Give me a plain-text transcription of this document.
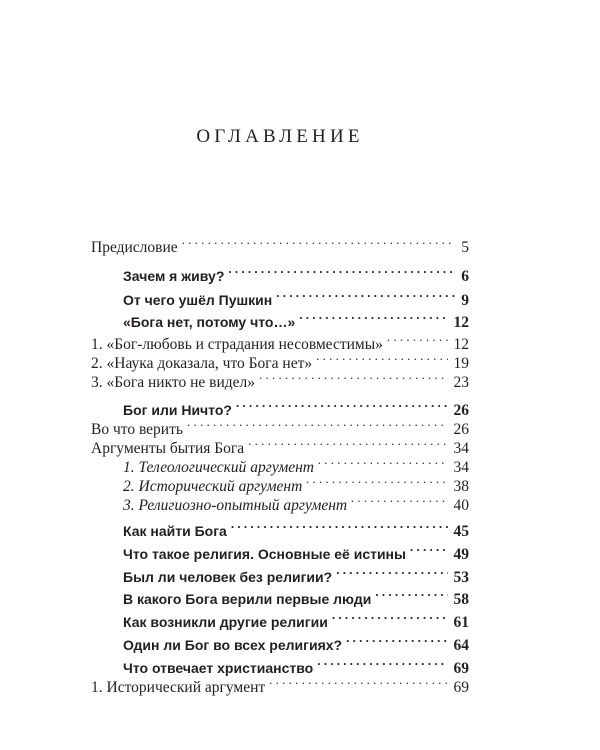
ОГЛАВЛЕНИЕ
Предисловие . . .	5
Зачем я живу? . . .	6
От чего ушёл Пушкин . . .	9
«Бога нет, потому что…» . . .	12
1. «Бог-любовь и страдания несовместимы» . . .	12
2. «Наука доказала, что Бога нет» . . .	19
3. «Бога никто не видел» . . .	23
Бог или Ничто? . . .	26
Во что верить . . .	26
Аргументы бытия Бога . . .	34
1. Телеологический аргумент . . .	34
2. Исторический аргумент . . .	38
3. Религиозно-опытный аргумент . . .	40
Как найти Бога . . .	45
Что такое религия. Основные её истины . . .	49
Был ли человек без религии? . . .	53
В какого Бога верили первые люди . . .	58
Как возникли другие религии . . .	61
Один ли Бог во всех религиях? . . .	64
Что отвечает христианство . . .	69
1. Исторический аргумент . . .	69
